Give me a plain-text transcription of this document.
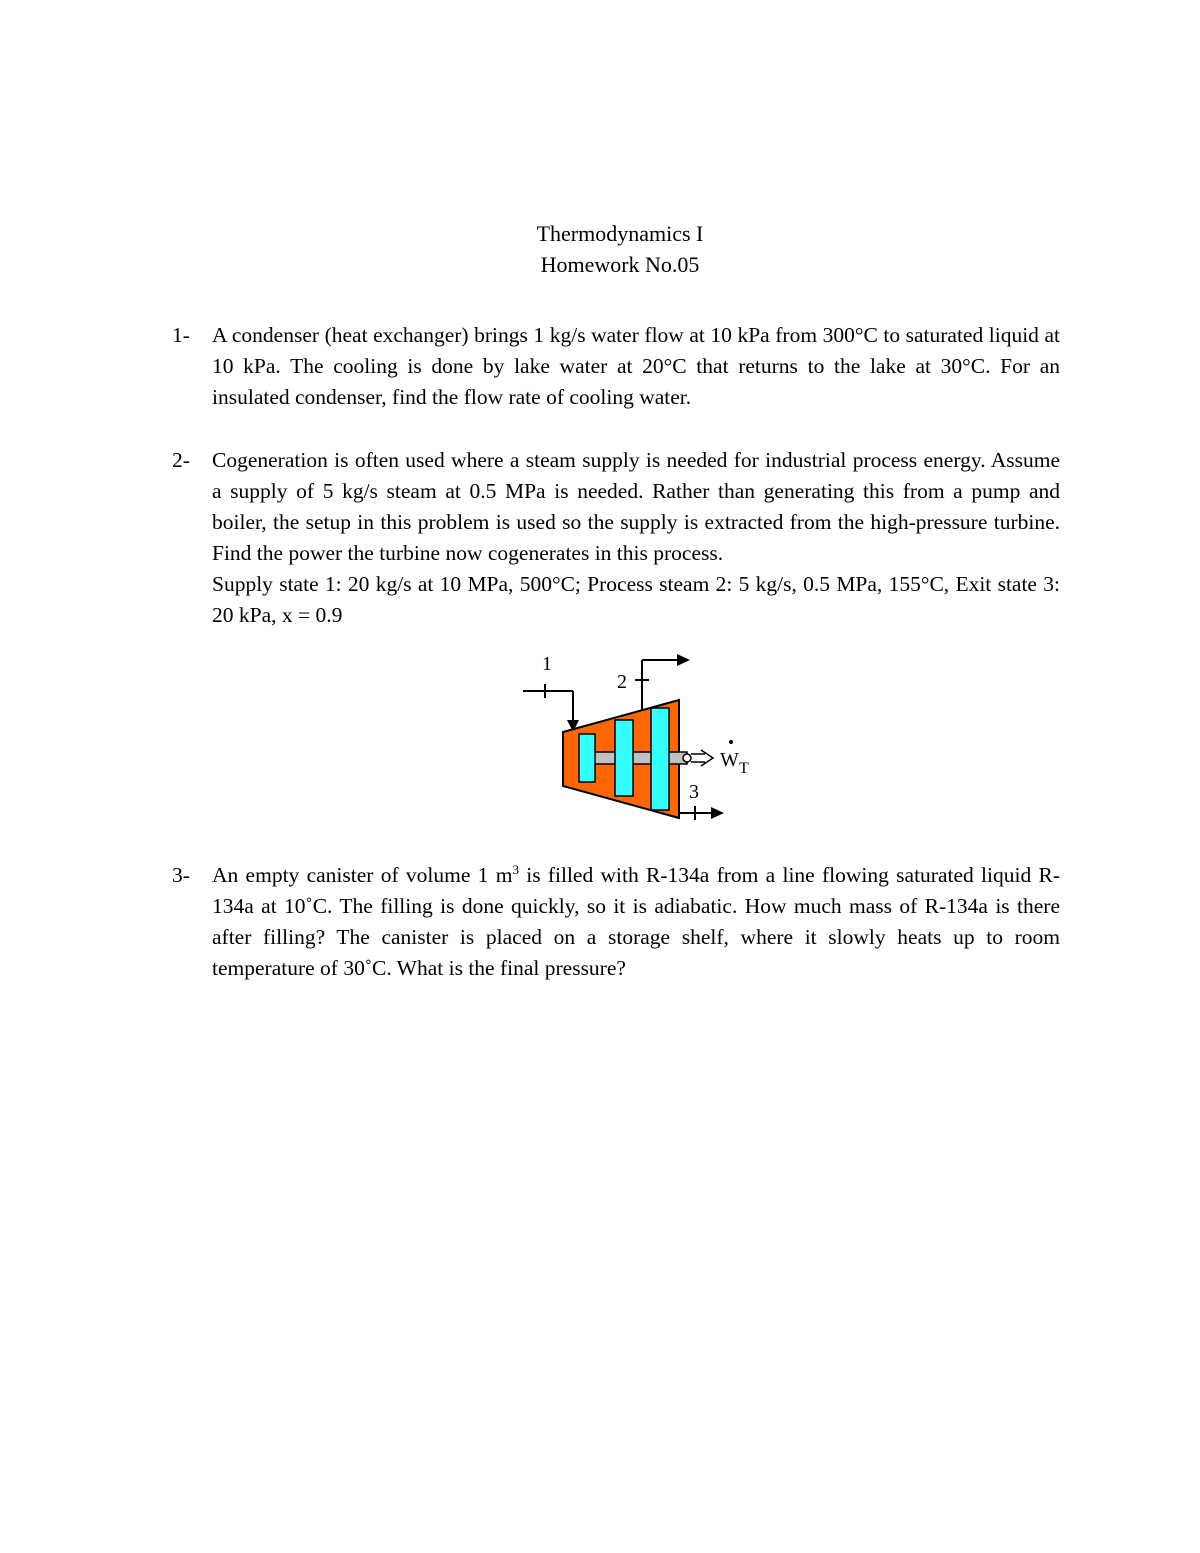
Thermodynamics I
Homework No.05
1- A condenser (heat exchanger) brings 1 kg/s water flow at 10 kPa from 300°C to saturated liquid at 10 kPa. The cooling is done by lake water at 20°C that returns to the lake at 30°C. For an insulated condenser, find the flow rate of cooling water.

2- Cogeneration is often used where a steam supply is needed for industrial process energy. Assume a supply of 5 kg/s steam at 0.5 MPa is needed. Rather than generating this from a pump and boiler, the setup in this problem is used so the supply is extracted from the high-pressure turbine. Find the power the turbine now cogenerates in this process.

Supply state 1: 20 kg/s at 10 MPa, 500°C; Process steam 2: 5 kg/s, 0.5 MPa, 155°C, Exit state 3: 20 kPa, x = 0.9

1
W T
2
3
3- An empty canister of volume 1 $m^3$ is filled with R-134a from a line flowing saturated liquid R-134a at 10˚C. The filling is done quickly, so it is adiabatic. How much mass of R-134a is there after filling? The canister is placed on a storage shelf, where it slowly heats up to room temperature of 30˚C. What is the final pressure?
